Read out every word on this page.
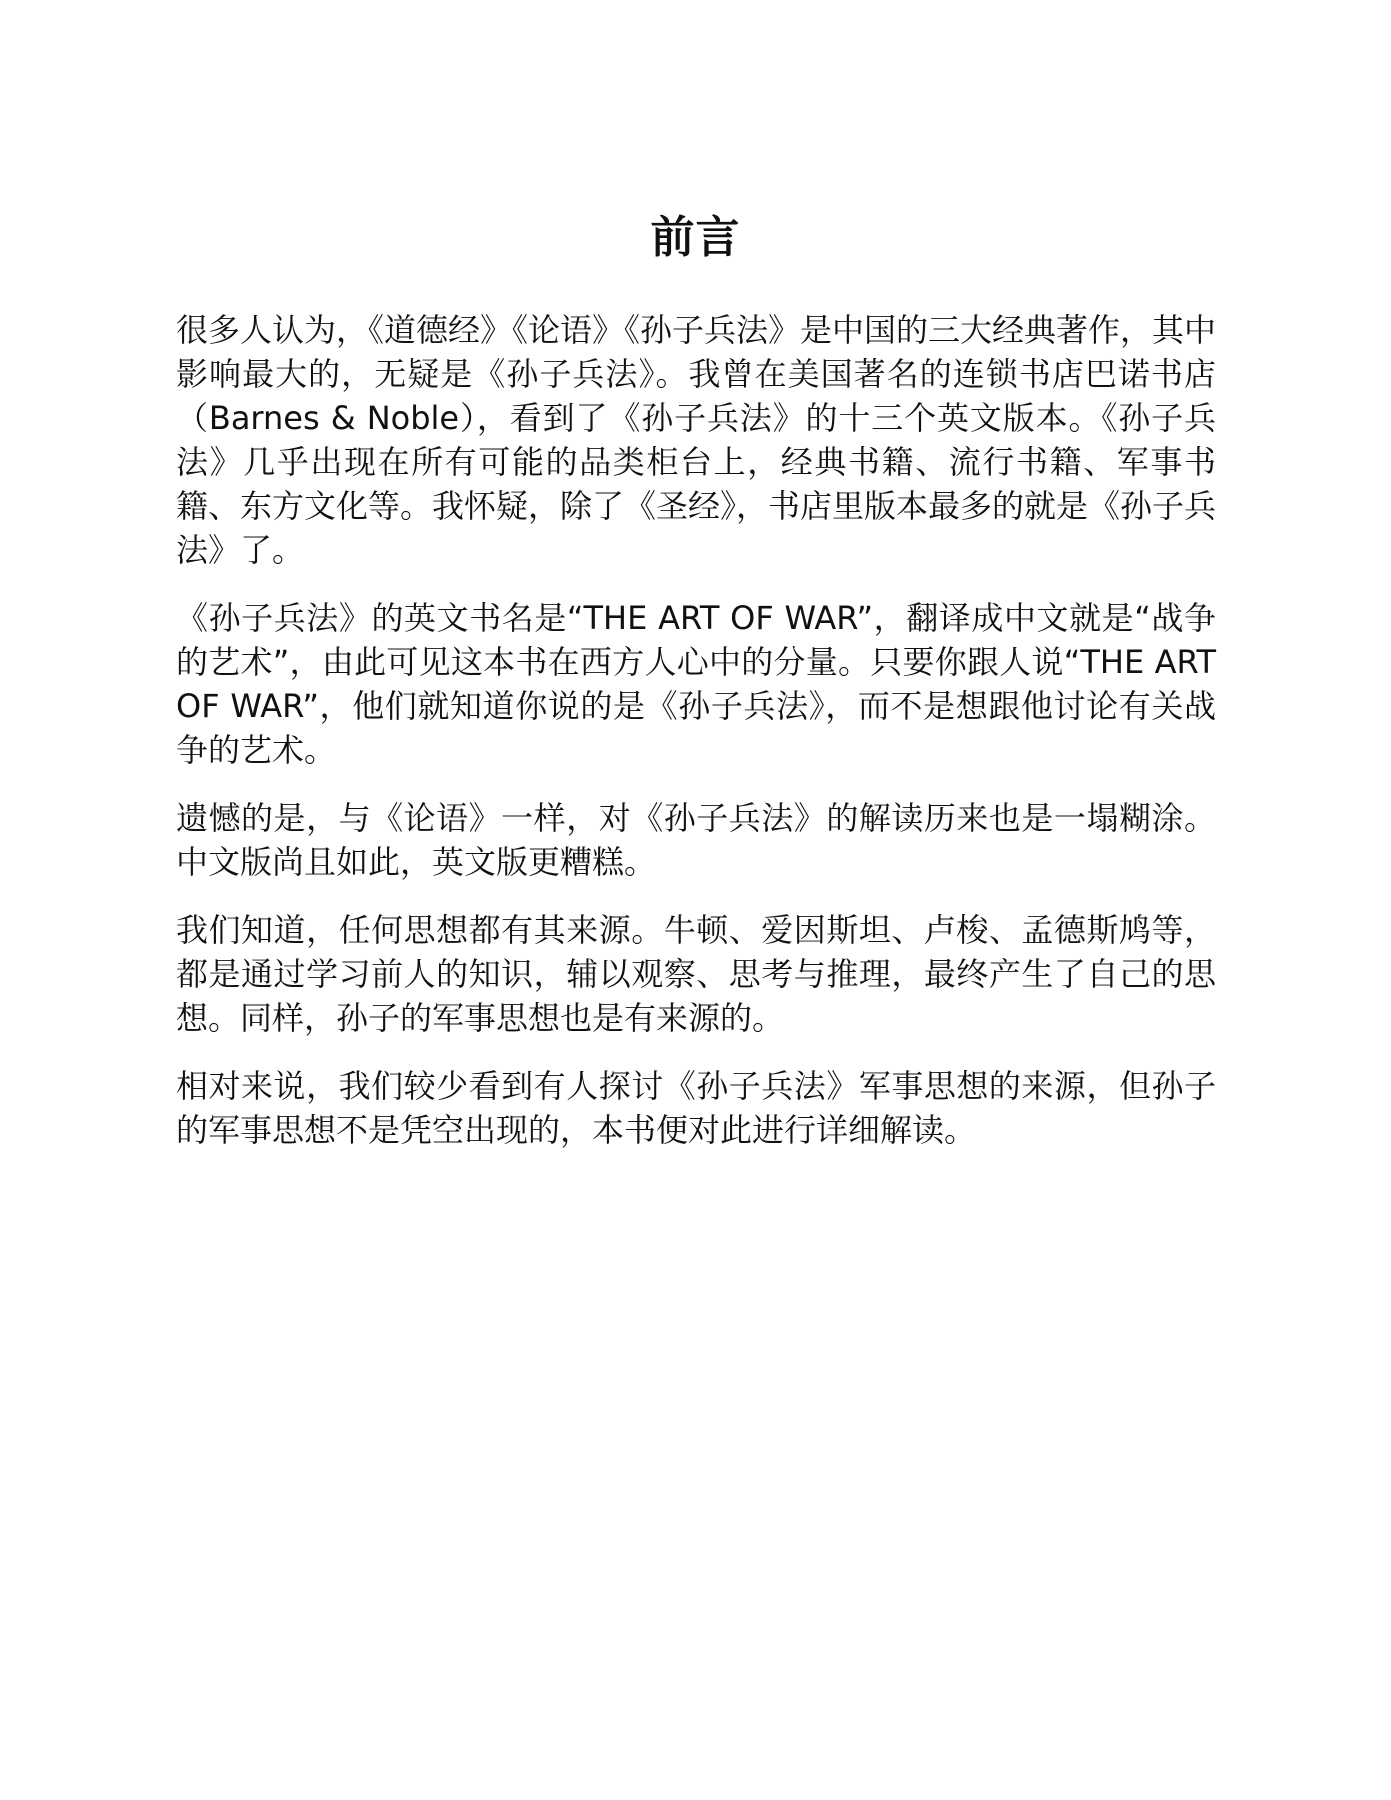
前言

很多人认为，《道德经》《论语》《孙子兵法》是中国的三大经典著作，其中影响最大的，无疑是《孙子兵法》。我曾在美国著名的连锁书店巴诺书店（Barnes & Noble），看到了《孙子兵法》的十三个英文版本。《孙子兵法》几乎出现在所有可能的品类柜台上，经典书籍、流行书籍、军事书籍、东方文化等。我怀疑，除了《圣经》，书店里版本最多的就是《孙子兵法》了。

《孙子兵法》的英文书名是“THE ART OF WAR”，翻译成中文就是“战争的艺术”，由此可见这本书在西方人心中的分量。只要你跟人说“THE ART OF WAR”，他们就知道你说的是《孙子兵法》，而不是想跟他讨论有关战争的艺术。

遗憾的是，与《论语》一样，对《孙子兵法》的解读历来也是一塌糊涂。中文版尚且如此，英文版更糟糕。

我们知道，任何思想都有其来源。牛顿、爱因斯坦、卢梭、孟德斯鸠等，都是通过学习前人的知识，辅以观察、思考与推理，最终产生了自己的思想。同样，孙子的军事思想也是有来源的。

相对来说，我们较少看到有人探讨《孙子兵法》军事思想的来源，但孙子的军事思想不是凭空出现的，本书便对此进行详细解读。
